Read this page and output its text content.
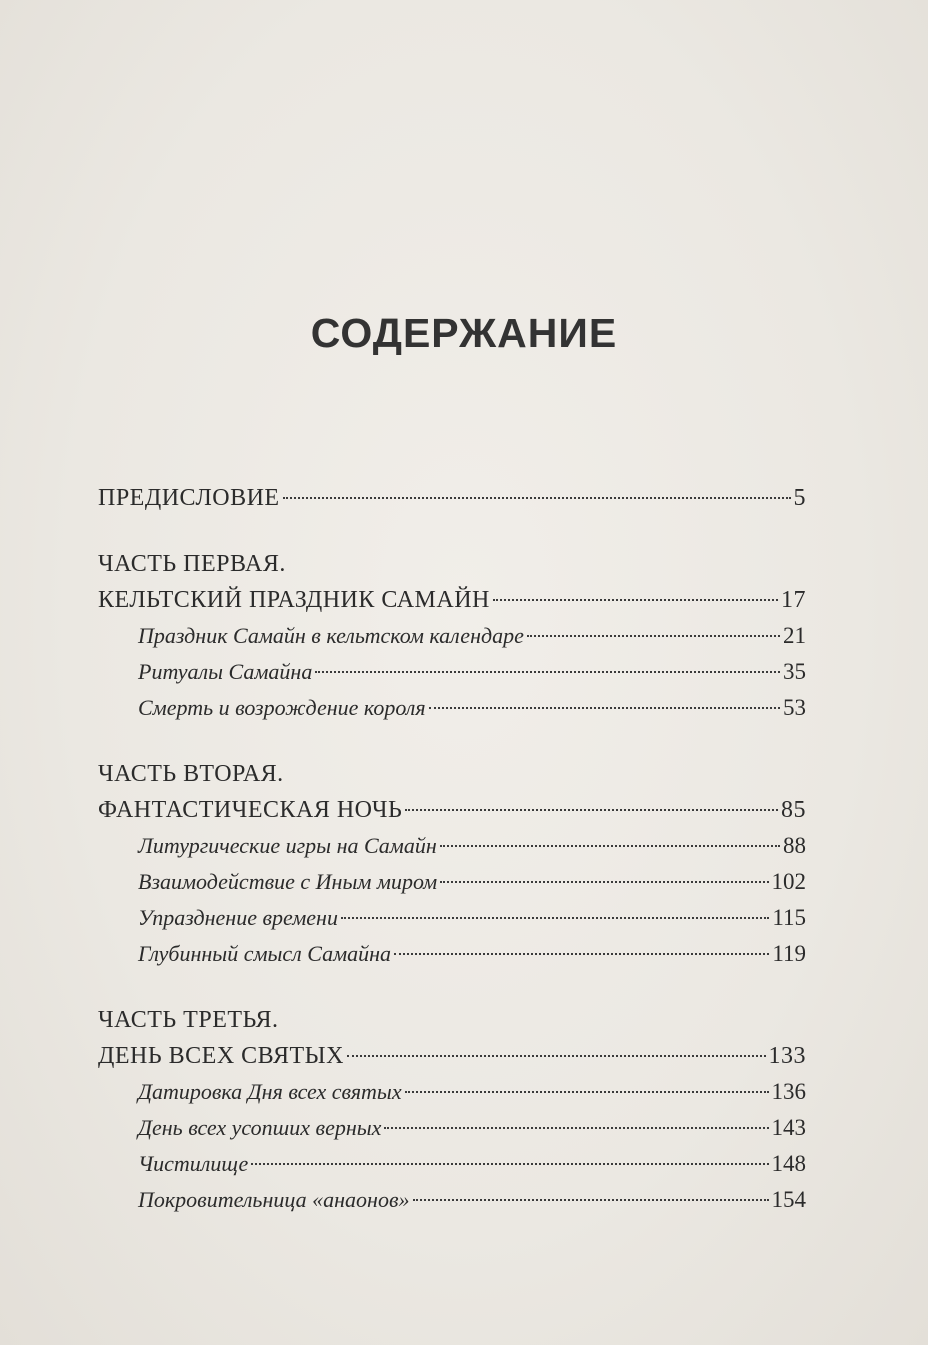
СОДЕРЖАНИЕ
ПРЕДИСЛОВИЕ	5
ЧАСТЬ ПЕРВАЯ.
КЕЛЬТСКИЙ ПРАЗДНИК САМАЙН	17
Праздник Самайн в кельтском календаре	21
Ритуалы Самайна	35
Смерть и возрождение короля	53
ЧАСТЬ ВТОРАЯ.
ФАНТАСТИЧЕСКАЯ НОЧЬ	85
Литургические игры на Самайн	88
Взаимодействие с Иным миром	102
Упразднение времени	115
Глубинный смысл Самайна	119
ЧАСТЬ ТРЕТЬЯ.
ДЕНЬ ВСЕХ СВЯТЫХ	133
Датировка Дня всех святых	136
День всех усопших верных	143
Чистилище	148
Покровительница «анаонов»	154
